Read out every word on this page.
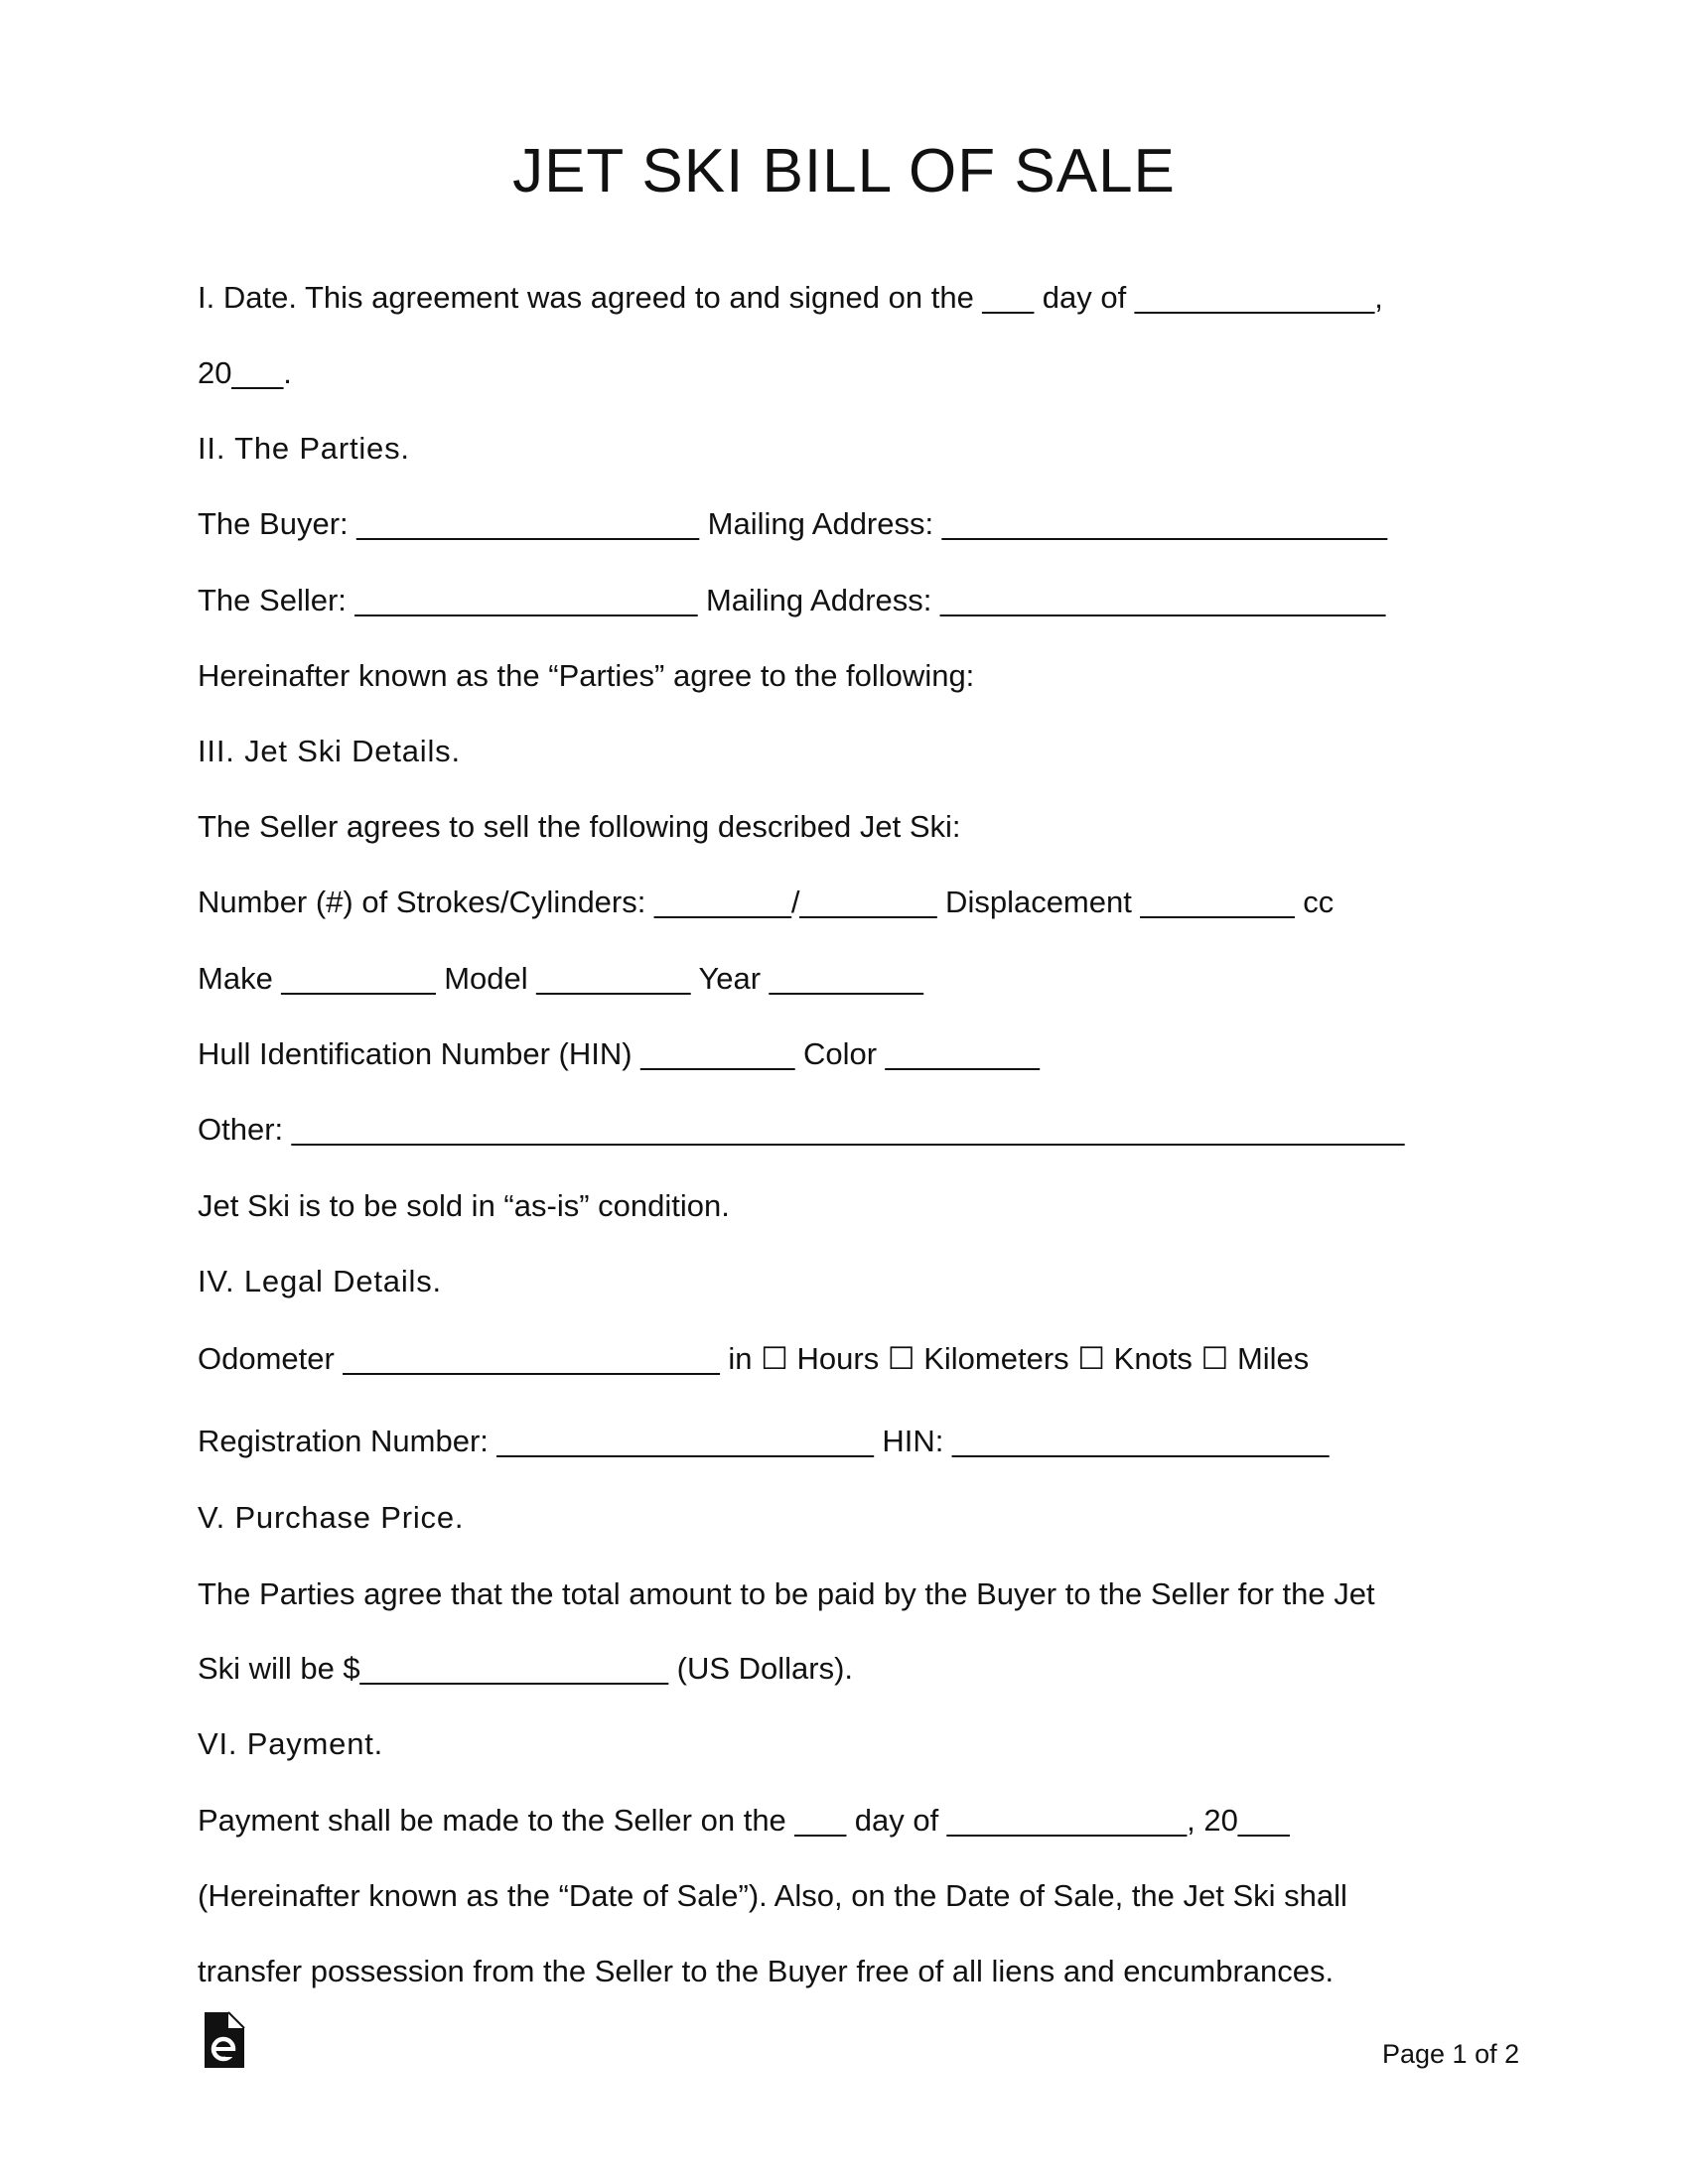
JET SKI BILL OF SALE
I. Date. This agreement was agreed to and signed on the ___ day of ______________,
20___.
II. The Parties.
The Buyer: ____________________ Mailing Address: __________________________
The Seller: ____________________ Mailing Address: __________________________
Hereinafter known as the “Parties” agree to the following:
III. Jet Ski Details.
The Seller agrees to sell the following described Jet Ski:
Number (#) of Strokes/Cylinders: ________/________ Displacement _________ cc
Make _________ Model _________ Year _________
Hull Identification Number (HIN) _________ Color _________
Other: _________________________________________________________________
Jet Ski is to be sold in “as-is” condition.
IV. Legal Details.
Odometer ______________________ in ☐ Hours ☐ Kilometers ☐ Knots ☐ Miles
Registration Number: ______________________ HIN: ______________________
V. Purchase Price.
The Parties agree that the total amount to be paid by the Buyer to the Seller for the Jet
Ski will be $__________________ (US Dollars).
VI. Payment.
Payment shall be made to the Seller on the ___ day of ______________, 20___
(Hereinafter known as the “Date of Sale”). Also, on the Date of Sale, the Jet Ski shall
transfer possession from the Seller to the Buyer free of all liens and encumbrances.
Page 1 of 2
